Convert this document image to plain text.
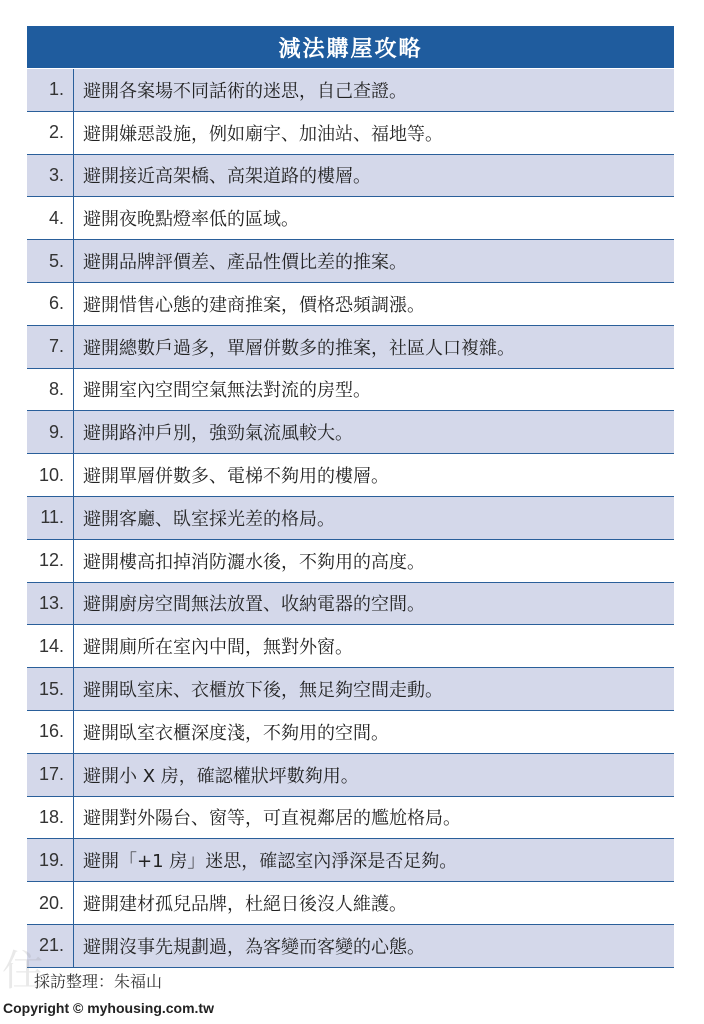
減法購屋攻略
1.	避開各案場不同話術的迷思，自己查證。
2.	避開嫌惡設施，例如廟宇、加油站、福地等。
3.	避開接近高架橋、高架道路的樓層。
4.	避開夜晚點燈率低的區域。
5.	避開品牌評價差、產品性價比差的推案。
6.	避開惜售心態的建商推案，價格恐頻調漲。
7.	避開總數戶過多，單層併數多的推案，社區人口複雜。
8.	避開室內空間空氣無法對流的房型。
9.	避開路沖戶別，強勁氣流風較大。
10.	避開單層併數多、電梯不夠用的樓層。
11.	避開客廳、臥室採光差的格局。
12.	避開樓高扣掉消防灑水後，不夠用的高度。
13.	避開廚房空間無法放置、收納電器的空間。
14.	避開廁所在室內中間，無對外窗。
15.	避開臥室床、衣櫃放下後，無足夠空間走動。
16.	避開臥室衣櫃深度淺，不夠用的空間。
17.	避開小 X 房，確認權狀坪數夠用。
18.	避開對外陽台、窗等，可直視鄰居的尷尬格局。
19.	避開「+1 房」迷思，確認室內淨深是否足夠。
20.	避開建材孤兒品牌，杜絕日後沒人維護。
21.	避開沒事先規劃過，為客變而客變的心態。
住
採訪整理：朱福山
Copyright © myhousing.com.tw
